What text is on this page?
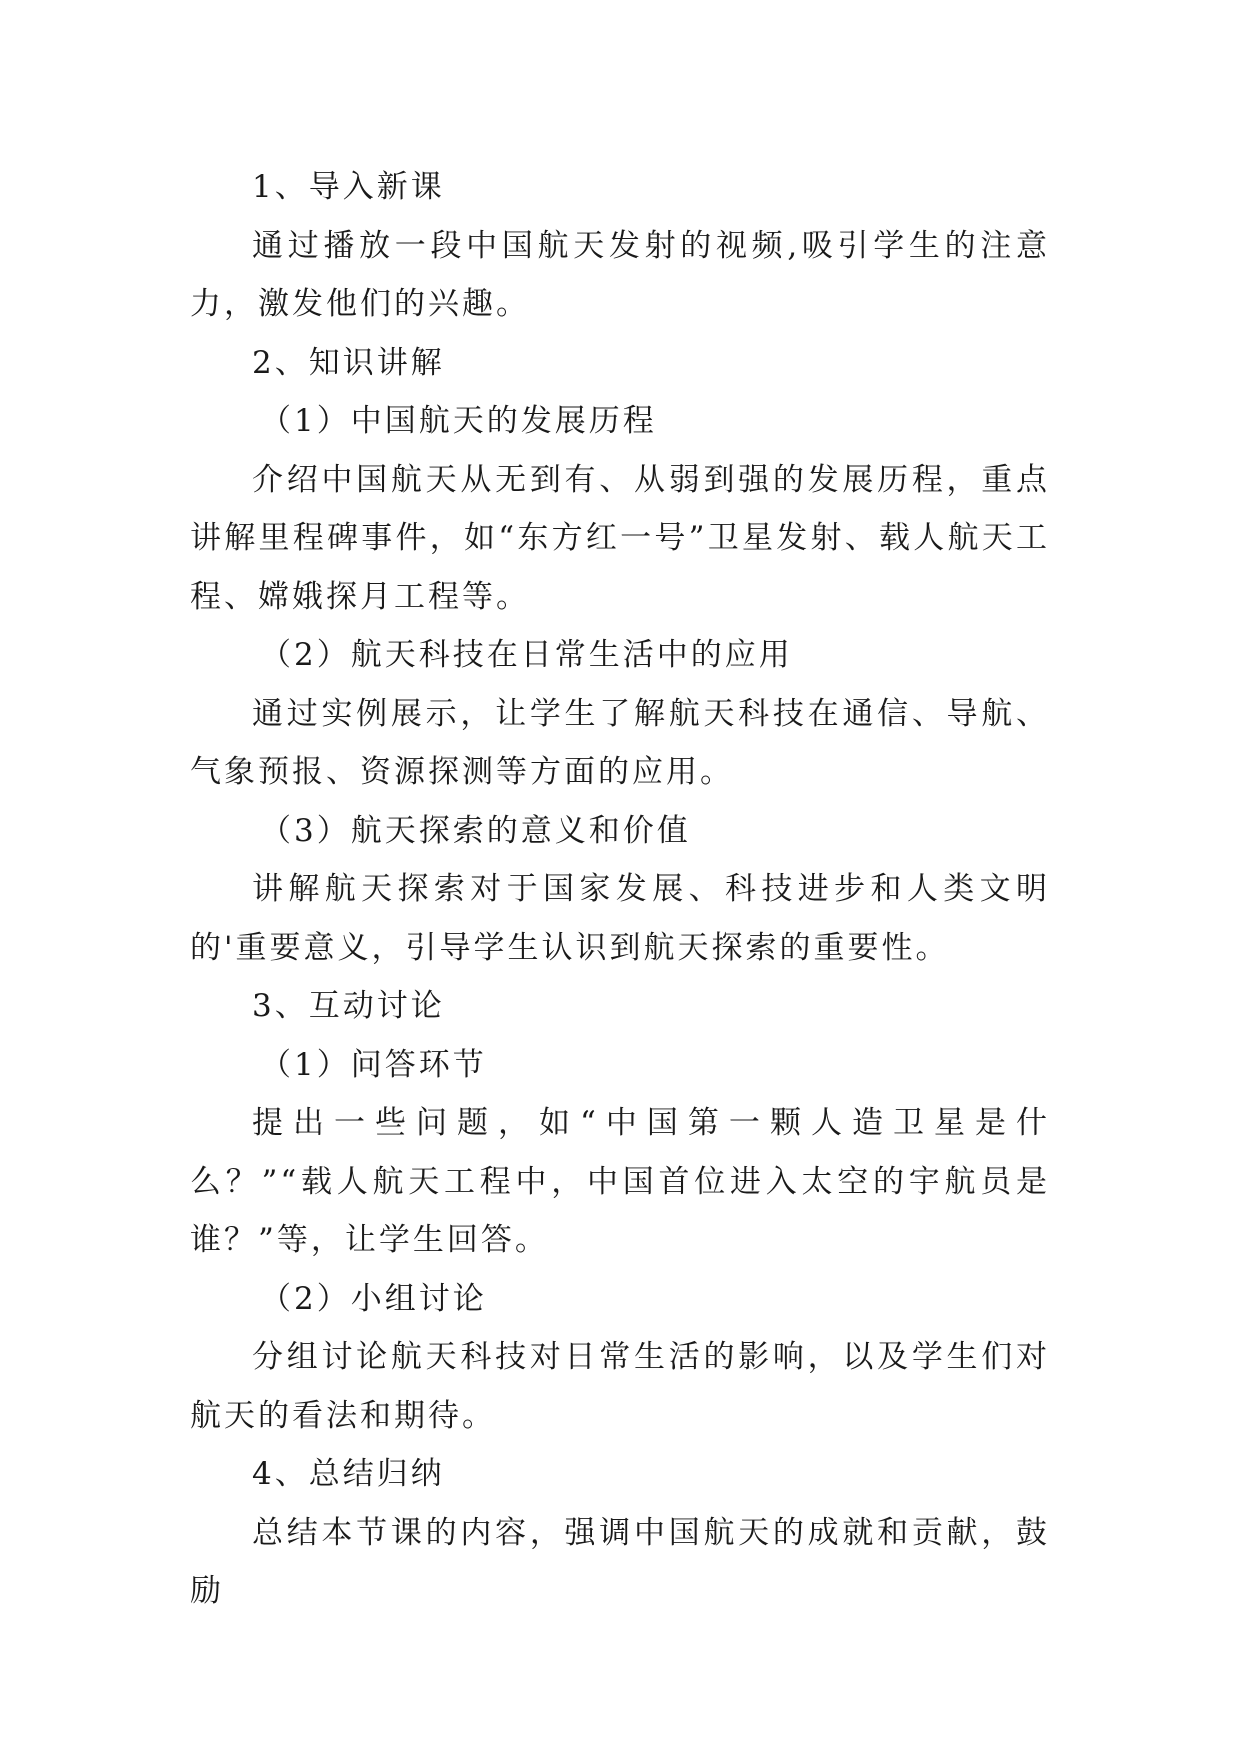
1、导入新课

通过播放一段中国航天发射的视频,吸引学生的注意力，激发他们的兴趣。

2、知识讲解

（1）中国航天的发展历程

介绍中国航天从无到有、从弱到强的发展历程，重点讲解里程碑事件，如“东方红一号”卫星发射、载人航天工程、嫦娥探月工程等。

（2）航天科技在日常生活中的应用

通过实例展示，让学生了解航天科技在通信、导航、气象预报、资源探测等方面的应用。

（3）航天探索的意义和价值

讲解航天探索对于国家发展、科技进步和人类文明的'重要意义，引导学生认识到航天探索的重要性。

3、互动讨论

（1）问答环节

提出一些问题，如“中国第一颗人造卫星是什么？”“载人航天工程中，中国首位进入太空的宇航员是谁？”等，让学生回答。

（2）小组讨论

分组讨论航天科技对日常生活的影响，以及学生们对航天的看法和期待。

4、总结归纳

总结本节课的内容，强调中国航天的成就和贡献，鼓励
